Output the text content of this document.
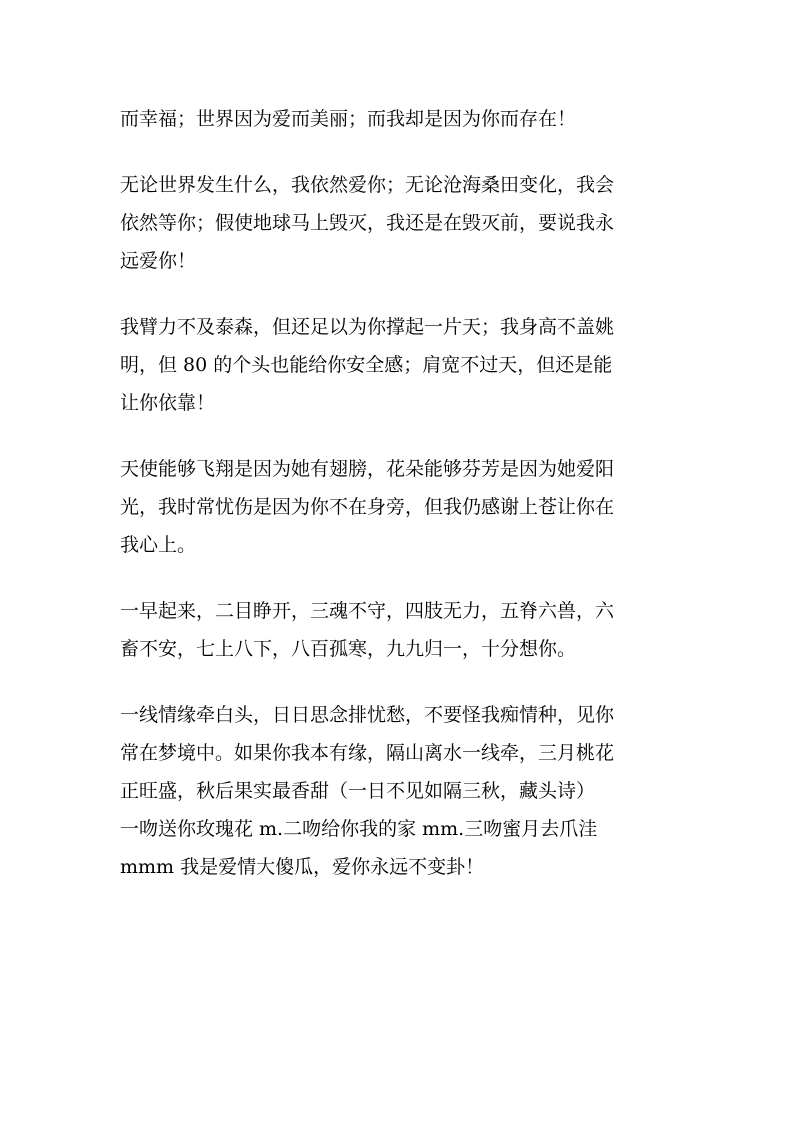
而幸福；世界因为爱而美丽；而我却是因为你而存在！

无论世界发生什么，我依然爱你；无论沧海桑田变化，我会
依然等你；假使地球马上毁灭，我还是在毁灭前，要说我永
远爱你！

我臂力不及泰森，但还足以为你撑起一片天；我身高不盖姚
明，但 80 的个头也能给你安全感；肩宽不过天，但还是能
让你依靠！

天使能够飞翔是因为她有翅膀，花朵能够芬芳是因为她爱阳
光，我时常忧伤是因为你不在身旁，但我仍感谢上苍让你在
我心上。

一早起来，二目睁开，三魂不守，四肢无力，五脊六兽，六
畜不安，七上八下，八百孤寒，九九归一，十分想你。

一线情缘牵白头，日日思念排忧愁，不要怪我痴情种，见你
常在梦境中。如果你我本有缘，隔山离水一线牵，三月桃花
正旺盛，秋后果实最香甜（一日不见如隔三秋，藏头诗）
一吻送你玫瑰花 m.二吻给你我的家 mm.三吻蜜月去爪洼
mmm 我是爱情大傻瓜，爱你永远不变卦！
